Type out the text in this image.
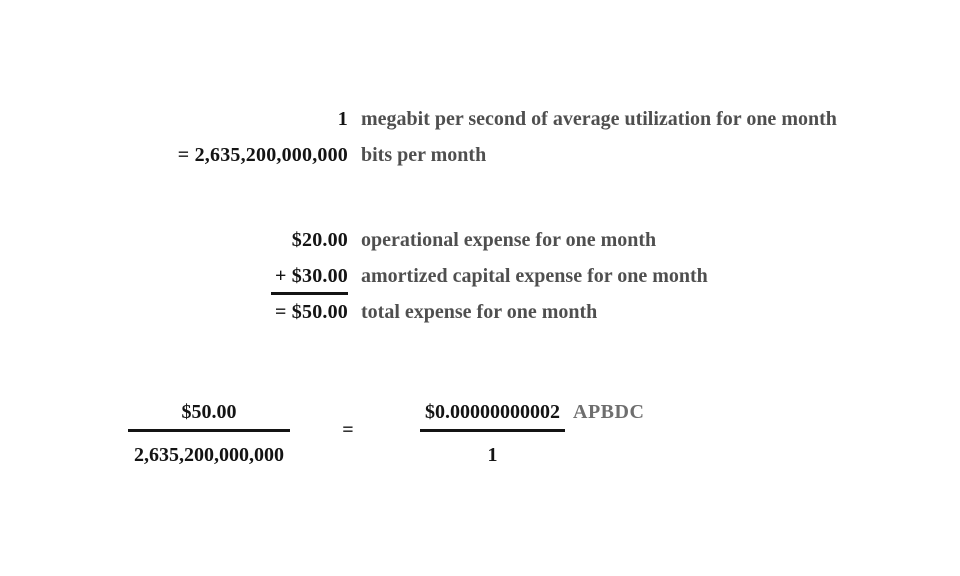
1 megabit per second of average utilization for one month
= 2,635,200,000,000 bits per month
$20.00 operational expense for one month
+ $30.00 amortized capital expense for one month
= $50.00 total expense for one month
$50.00
2,635,200,000,000
=
$0.00000000002
1
APBDC
